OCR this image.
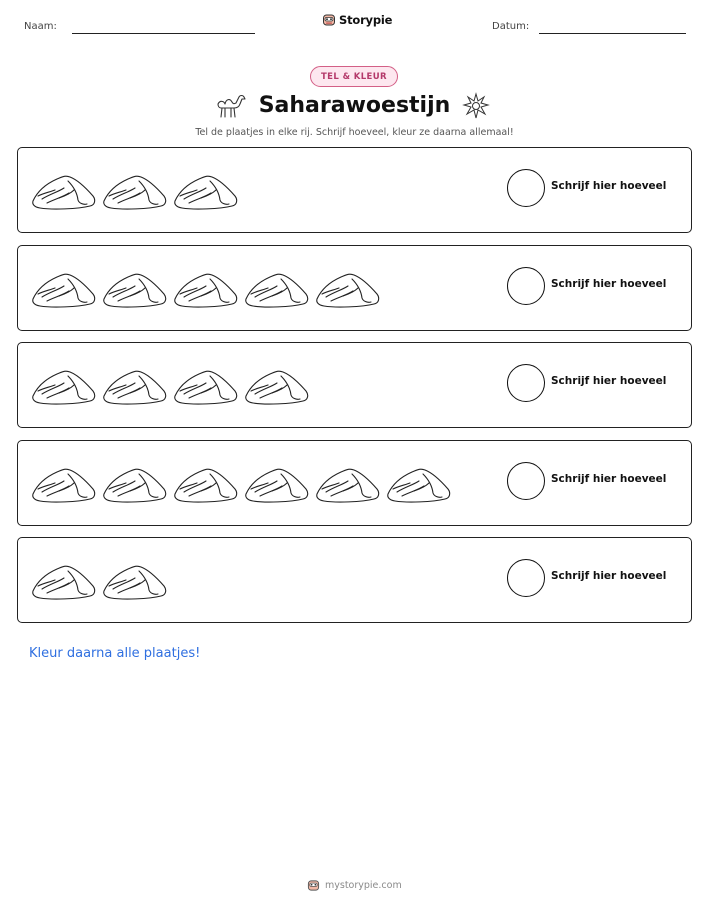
Naam:	Storypie	Datum:
TEL & KLEUR
Saharawoestijn
Tel de plaatjes in elke rij. Schrijf hoeveel, kleur ze daarna allemaal!
Schrijf hier hoeveel
Schrijf hier hoeveel
Schrijf hier hoeveel
Schrijf hier hoeveel
Schrijf hier hoeveel
Kleur daarna alle plaatjes!
mystorypie.com
